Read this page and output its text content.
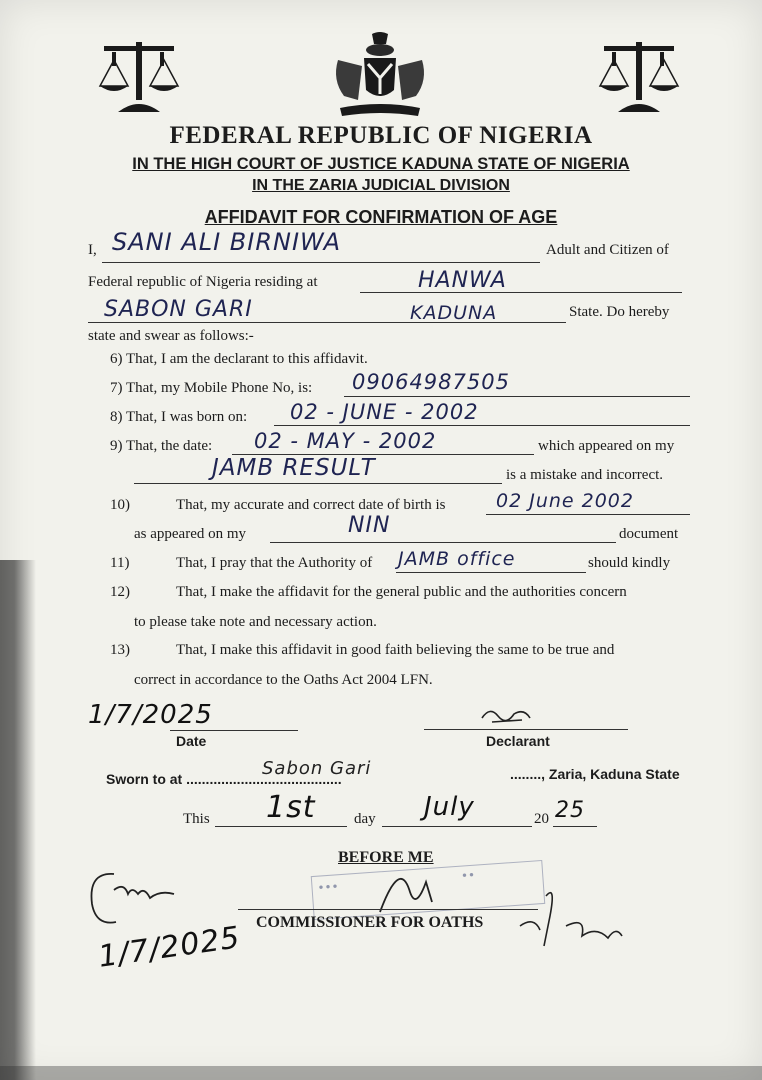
FEDERAL REPUBLIC OF NIGERIA
IN THE HIGH COURT OF JUSTICE KADUNA STATE OF NIGERIA
IN THE ZARIA JUDICIAL DIVISION
AFFIDAVIT FOR CONFIRMATION OF AGE
I, SANI ALI BIRNIWA	Adult and Citizen of
Federal republic of Nigeria residing at	HANWA
SABON GARI	KADUNA	State. Do hereby
state and swear as follows:-
6) That, I am the declarant to this affidavit.
7) That, my Mobile Phone No, is: 09064987505
8) That, I was born on: 02 - JUNE - 2002
9) That, the date: 02 - MAY - 2002	which appeared on my
JAMB RESULT	is a mistake and incorrect.
10)	That, my accurate and correct date of birth is	02 June 2002
as appeared on my	NIN	document
11)	That, I pray that the Authority of JAMB office	should kindly
12)	That, I make the affidavit for the general public and the authorities concern
to please take note and necessary action.
13)	That, I make this affidavit in good faith believing the same to be true and
correct in accordance to the Oaths Act 2004 LFN.
1/7/2025
Date	Declarant
Sworn to at ........................................
Sabon Gari	........, Zaria, Kaduna State
This 1st	day July	20 25
BEFORE ME
● ● ●
● ●
COMMISSIONER FOR OATHS
1/7/2025
